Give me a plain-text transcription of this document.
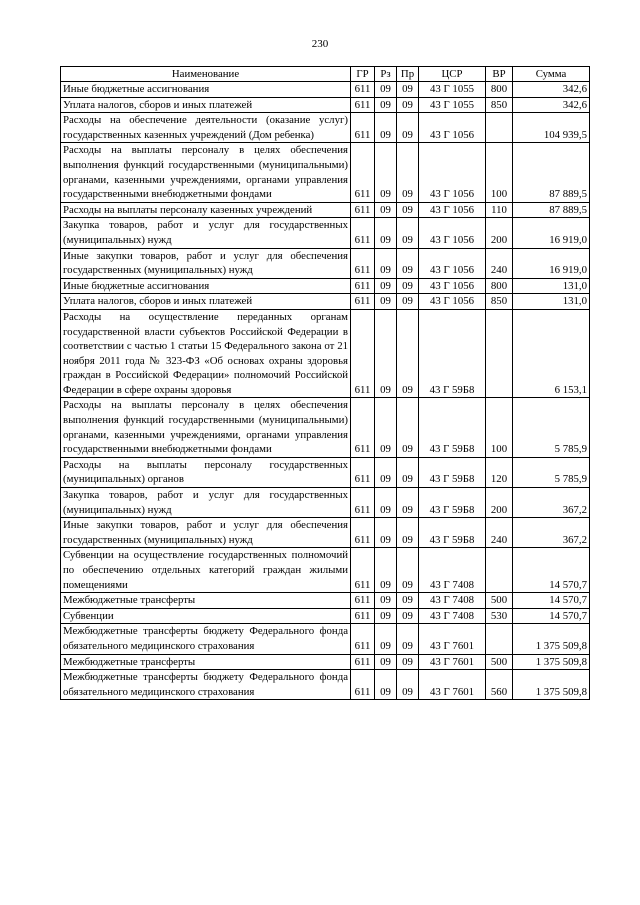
230
Наименование	ГР	Рз	Пр	ЦСР	ВР	Сумма
Иные бюджетные ассигнования	611	09	09	43 Г 1055	800	342,6
Уплата налогов, сборов и иных платежей	611	09	09	43 Г 1055	850	342,6
Расходы на обеспечение деятельности (оказание услуг) государственных казенных учреждений (Дом ребенка)	611	09	09	43 Г 1056		104 939,5
Расходы на выплаты персоналу в целях обеспечения выполнения функций государственными (муниципальными) органами, казенными учреждениями, органами управления государственными внебюджетными фондами	611	09	09	43 Г 1056	100	87 889,5
Расходы на выплаты персоналу казенных учреждений	611	09	09	43 Г 1056	110	87 889,5
Закупка товаров, работ и услуг для государственных (муниципальных) нужд	611	09	09	43 Г 1056	200	16 919,0
Иные закупки товаров, работ и услуг для обеспечения государственных (муниципальных) нужд	611	09	09	43 Г 1056	240	16 919,0
Иные бюджетные ассигнования	611	09	09	43 Г 1056	800	131,0
Уплата налогов, сборов и иных платежей	611	09	09	43 Г 1056	850	131,0
Расходы на осуществление переданных органам государственной власти субъектов Российской Федерации в соответствии с частью 1 статьи 15 Федерального закона от 21 ноября 2011 года № 323-ФЗ «Об основах охраны здоровья граждан в Российской Федерации» полномочий Российской Федерации в сфере охраны здоровья	611	09	09	43 Г 59Б8		6 153,1
Расходы на выплаты персоналу в целях обеспечения выполнения функций государственными (муниципальными) органами, казенными учреждениями, органами управления государственными внебюджетными фондами	611	09	09	43 Г 59Б8	100	5 785,9
Расходы на выплаты персоналу государственных (муниципальных) органов	611	09	09	43 Г 59Б8	120	5 785,9
Закупка товаров, работ и услуг для государственных (муниципальных) нужд	611	09	09	43 Г 59Б8	200	367,2
Иные закупки товаров, работ и услуг для обеспечения государственных (муниципальных) нужд	611	09	09	43 Г 59Б8	240	367,2
Субвенции на осуществление государственных полномочий по обеспечению отдельных категорий граждан жилыми помещениями	611	09	09	43 Г 7408		14 570,7
Межбюджетные трансферты	611	09	09	43 Г 7408	500	14 570,7
Субвенции	611	09	09	43 Г 7408	530	14 570,7
Межбюджетные трансферты бюджету Федерального фонда обязательного медицинского страхования	611	09	09	43 Г 7601		1 375 509,8
Межбюджетные трансферты	611	09	09	43 Г 7601	500	1 375 509,8
Межбюджетные трансферты бюджету Федерального фонда обязательного медицинского страхования	611	09	09	43 Г 7601	560	1 375 509,8
